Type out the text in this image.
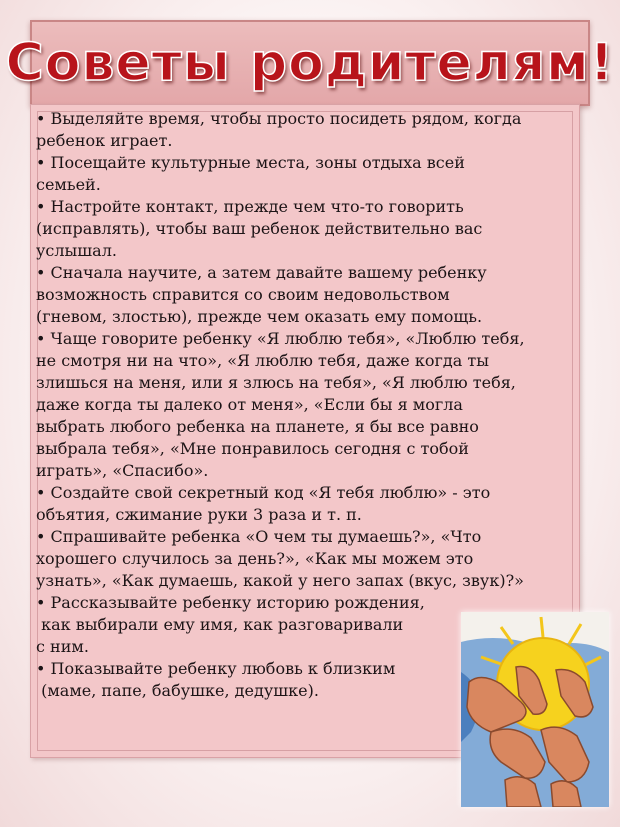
Советы родителям!
• Выделяйте время, чтобы просто посидеть рядом, когда
ребенок играет.
• Посещайте культурные места, зоны отдыха всей
семьей.
• Настройте контакт, прежде чем что-то говорить
(исправлять), чтобы ваш ребенок действительно вас
услышал.
• Сначала научите, а затем давайте вашему ребенку
возможность справится со своим недовольством
(гневом, злостью), прежде чем оказать ему помощь.
• Чаще говорите ребенку «Я люблю тебя», «Люблю тебя,
не смотря ни на что», «Я люблю тебя, даже когда ты
злишься на меня, или я злюсь на тебя», «Я люблю тебя,
даже когда ты далеко от меня», «Если бы я могла
выбрать любого ребенка на планете, я бы все равно
выбрала тебя», «Мне понравилось сегодня с тобой
играть», «Спасибо».
• Создайте свой секретный код «Я тебя люблю» - это
объятия, сжимание руки 3 раза и т. п.
• Спрашивайте ребенка «О чем ты думаешь?», «Что
хорошего случилось за день?», «Как мы можем это
узнать», «Как думаешь, какой у него запах (вкус, звук)?»
• Рассказывайте ребенку историю рождения,
как выбирали ему имя, как разговаривали
с ним.
• Показывайте ребенку любовь к близким
(маме, папе, бабушке, дедушке).
